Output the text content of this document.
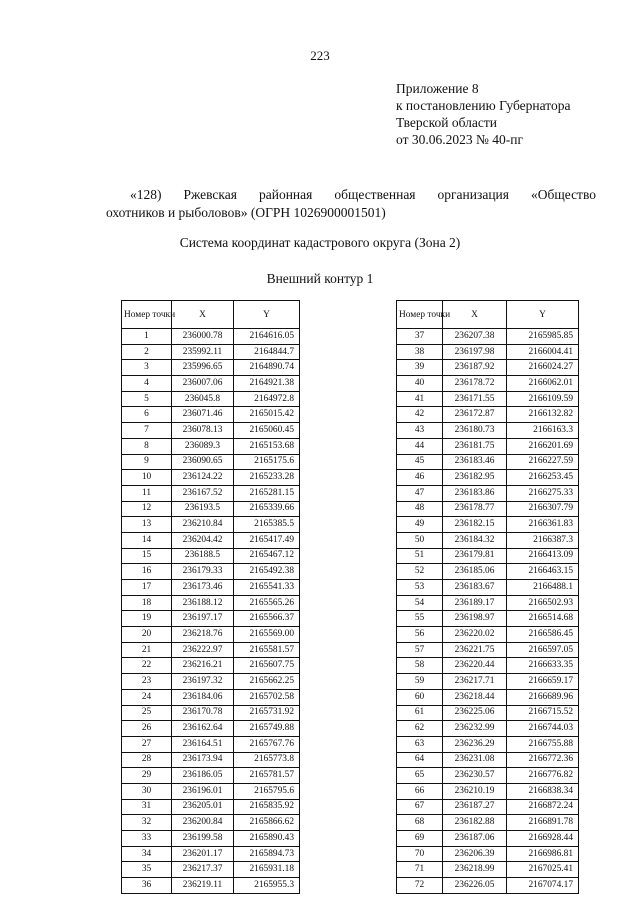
223
Приложение 8
к постановлению Губернатора
Тверской области
от 30.06.2023 № 40-пг
«128) Ржевская районная общественная организация «Общество
охотников и рыболовов» (ОГРН 1026900001501)
Система координат кадастрового округа (Зона 2)
Внешний контур 1
Номер точки	X	Y
1	236000.78	2164616.05
2	235992.11	2164844.7
3	235996.65	2164890.74
4	236007.06	2164921.38
5	236045.8	2164972.8
6	236071.46	2165015.42
7	236078.13	2165060.45
8	236089.3	2165153.68
9	236090.65	2165175.6
10	236124.22	2165233.28
11	236167.52	2165281.15
12	236193.5	2165339.66
13	236210.84	2165385.5
14	236204.42	2165417.49
15	236188.5	2165467.12
16	236179.33	2165492.38
17	236173.46	2165541.33
18	236188.12	2165565.26
19	236197.17	2165566.37
20	236218.76	2165569.00
21	236222.97	2165581.57
22	236216.21	2165607.75
23	236197.32	2165662.25
24	236184.06	2165702.58
25	236170.78	2165731.92
26	236162.64	2165749.88
27	236164.51	2165767.76
28	236173.94	2165773.8
29	236186.05	2165781.57
30	236196.01	2165795.6
31	236205.01	2165835.92
32	236200.84	2165866.62
33	236199.58	2165890.43
34	236201.17	2165894.73
35	236217.37	2165931.18
36	236219.11	2165955.3
Номер точки	X	Y
37	236207.38	2165985.85
38	236197.98	2166004.41
39	236187.92	2166024.27
40	236178.72	2166062.01
41	236171.55	2166109.59
42	236172.87	2166132.82
43	236180.73	2166163.3
44	236181.75	2166201.69
45	236183.46	2166227.59
46	236182.95	2166253.45
47	236183.86	2166275.33
48	236178.77	2166307.79
49	236182.15	2166361.83
50	236184.32	2166387.3
51	236179.81	2166413.09
52	236185.06	2166463.15
53	236183.67	2166488.1
54	236189.17	2166502.93
55	236198.97	2166514.68
56	236220.02	2166586.45
57	236221.75	2166597.05
58	236220.44	2166633.35
59	236217.71	2166659.17
60	236218.44	2166689.96
61	236225.06	2166715.52
62	236232.99	2166744.03
63	236236.29	2166755.88
64	236231.08	2166772.36
65	236230.57	2166776.82
66	236210.19	2166838.34
67	236187.27	2166872.24
68	236182.88	2166891.78
69	236187.06	2166928.44
70	236206.39	2166986.81
71	236218.99	2167025.41
72	236226.05	2167074.17
